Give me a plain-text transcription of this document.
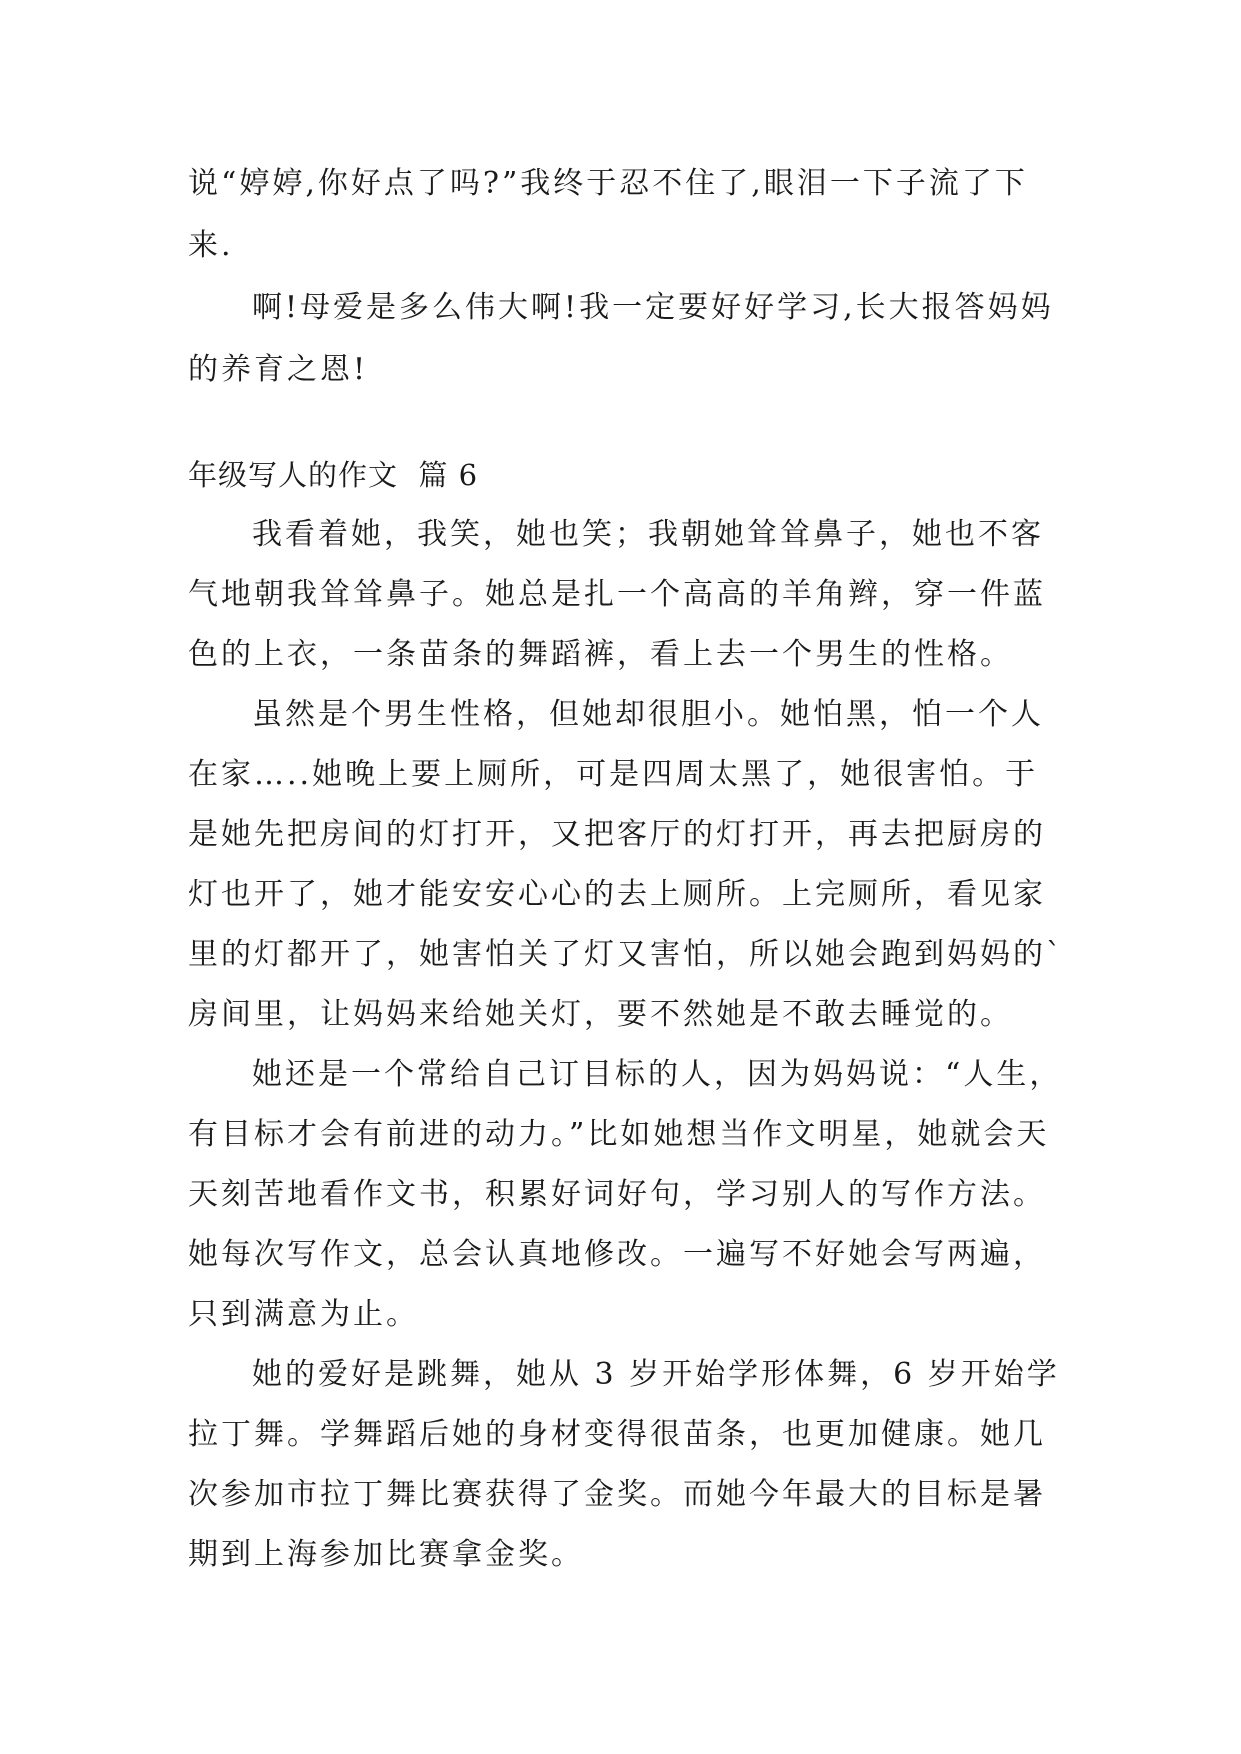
说“婷婷,你好点了吗?”我终于忍不住了,眼泪一下子流了下来.

啊!母爱是多么伟大啊!我一定要好好学习,长大报答妈妈的养育之恩!

年级写人的作文  篇 6

我看着她，我笑，她也笑；我朝她耸耸鼻子，她也不客气地朝我耸耸鼻子。她总是扎一个高高的羊角辫，穿一件蓝色的上衣，一条苗条的舞蹈裤，看上去一个男生的性格。

虽然是个男生性格，但她却很胆小。她怕黑，怕一个人在家…..她晚上要上厕所，可是四周太黑了，她很害怕。于是她先把房间的灯打开，又把客厅的灯打开，再去把厨房的灯也开了，她才能安安心心的去上厕所。上完厕所，看见家里的灯都开了，她害怕关了灯又害怕，所以她会跑到妈妈的`房间里，让妈妈来给她关灯，要不然她是不敢去睡觉的。

她还是一个常给自己订目标的人，因为妈妈说：“人生，有目标才会有前进的动力。”比如她想当作文明星，她就会天天刻苦地看作文书，积累好词好句，学习别人的写作方法。她每次写作文，总会认真地修改。一遍写不好她会写两遍，只到满意为止。

她的爱好是跳舞，她从 3 岁开始学形体舞，6 岁开始学拉丁舞。学舞蹈后她的身材变得很苗条，也更加健康。她几次参加市拉丁舞比赛获得了金奖。而她今年最大的目标是暑期到上海参加比赛拿金奖。
